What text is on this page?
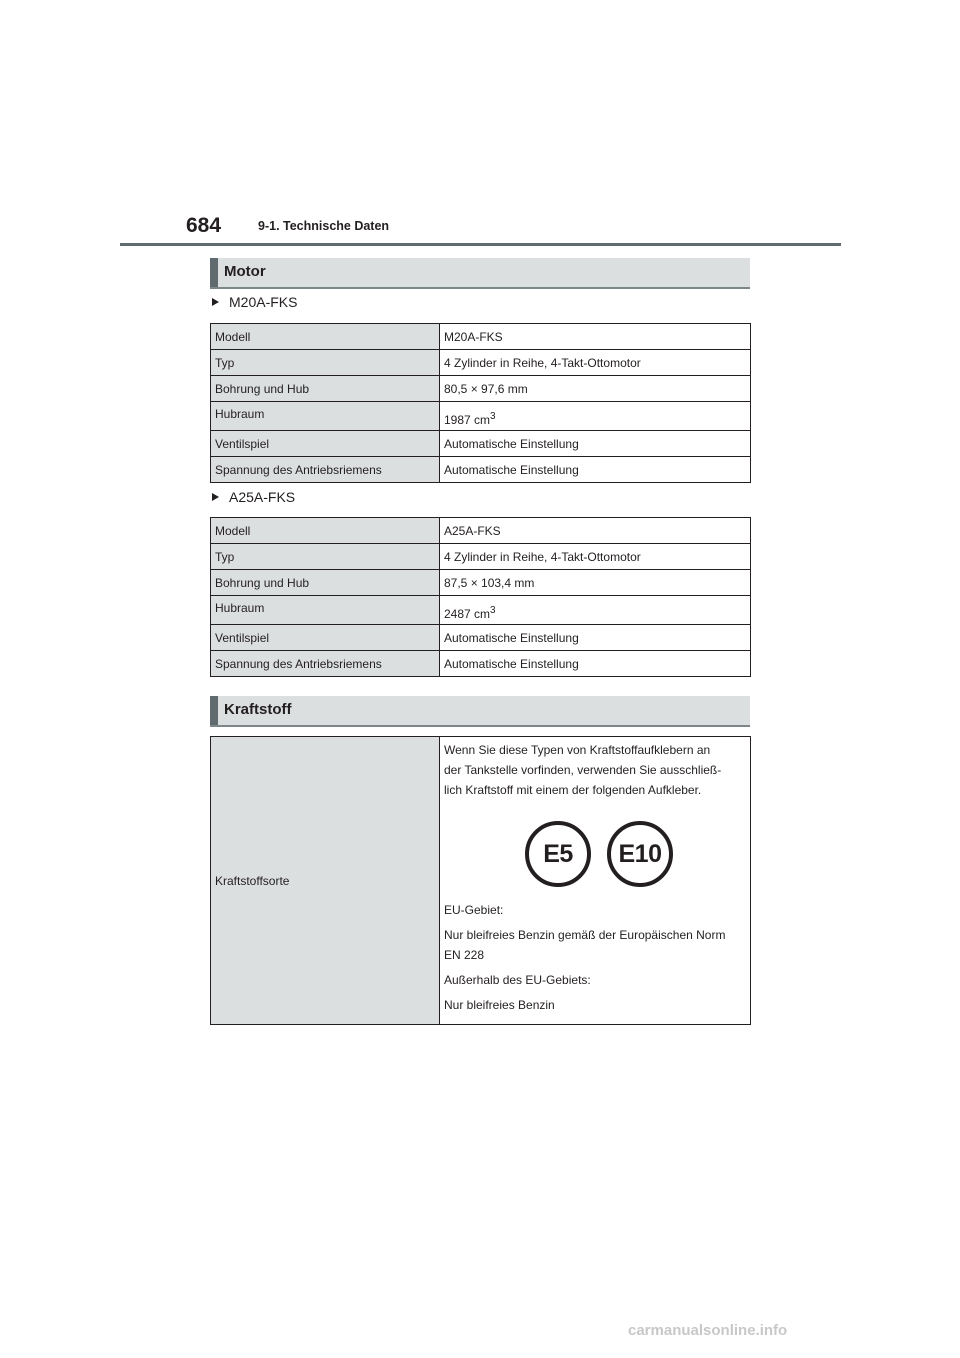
684	9-1. Technische Daten
Motor
M20A-FKS
Modell	M20A-FKS
Typ	4 Zylinder in Reihe, 4-Takt-Ottomotor
Bohrung und Hub	80,5 × 97,6 mm
Hubraum	1987 $cm^3$
Ventilspiel	Automatische Einstellung
Spannung des Antriebsriemens	Automatische Einstellung
A25A-FKS
Modell	A25A-FKS
Typ	4 Zylinder in Reihe, 4-Takt-Ottomotor
Bohrung und Hub	87,5 × 103,4 mm
Hubraum	2487 $cm^3$
Ventilspiel	Automatische Einstellung
Spannung des Antriebsriemens	Automatische Einstellung
Kraftstoff
Kraftstoffsorte	
Wenn Sie diese Typen von Kraftstoffaufklebern an
der Tankstelle vorfinden, verwenden Sie ausschließ-
lich Kraftstoff mit einem der folgenden Aufkleber.
E5	E10
EU-Gebiet:
Nur bleifreies Benzin gemäß der Europäischen Norm
EN 228
Außerhalb des EU-Gebiets:
Nur bleifreies Benzin
carmanualsonline.info
